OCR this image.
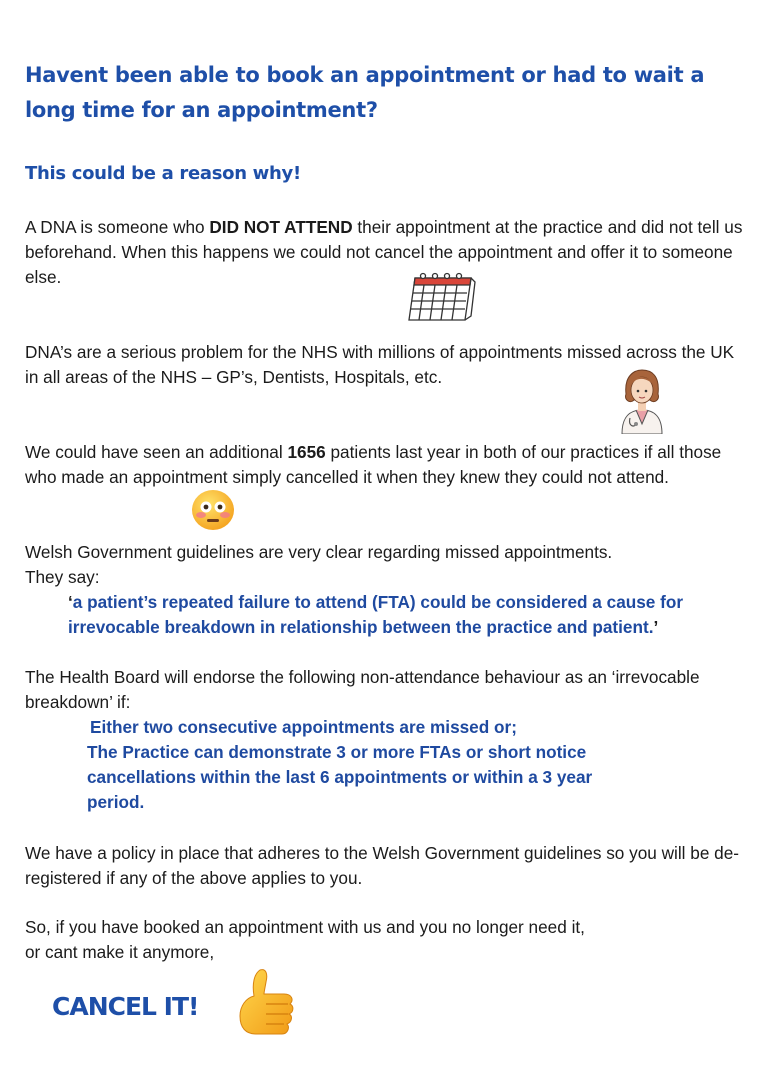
Havent been able to book an appointment or had to wait a long time for an appointment?
This could be a reason why!

A DNA is someone who DID NOT ATTEND their appointment at the practice and did not tell us beforehand. When this happens we could not cancel the appointment and offer it to someone else.

DNA’s are a serious problem for the NHS with millions of appointments missed across the UK in all areas of the NHS – GP’s, Dentists, Hospitals, etc.

We could have seen an additional 1656 patients last year in both of our practices if all those who made an appointment simply cancelled it when they knew they could not attend.

Welsh Government guidelines are very clear regarding missed appointments.

They say:

‘a patient’s repeated failure to attend (FTA) could be considered a cause for irrevocable breakdown in relationship between the practice and patient.’

The Health Board will endorse the following non-attendance behaviour as an ‘irrevocable breakdown’ if:

Either two consecutive appointments are missed or;

The Practice can demonstrate 3 or more FTAs or short notice cancellations within the last 6 appointments or within a 3 year period.

We have a policy in place that adheres to the Welsh Government guidelines so you will be de-registered if any of the above applies to you.

So, if you have booked an appointment with us and you no longer need it,

or cant make it anymore,

CANCEL IT!
